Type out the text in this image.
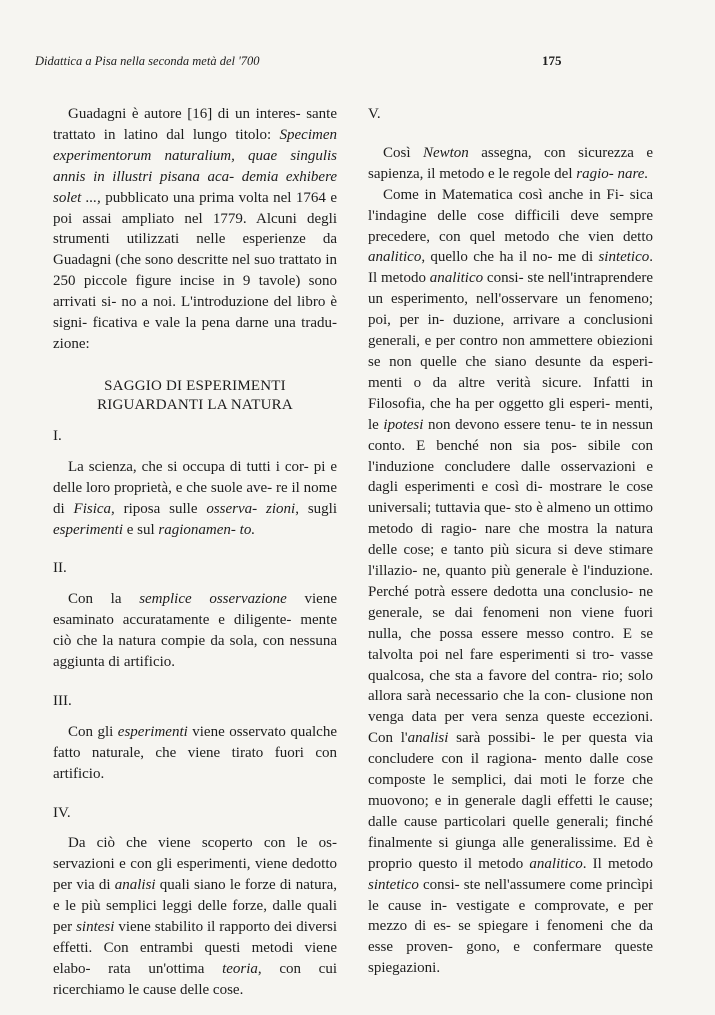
Didattica a Pisa nella seconda metà del '700	175

Guadagni è autore [16] di un interes- sante trattato in latino dal lungo titolo: Specimen experimentorum naturalium, quae singulis annis in illustri pisana aca- demia exhibere solet ..., pubblicato una prima volta nel 1764 e poi assai ampliato nel 1779. Alcuni degli strumenti utilizzati nelle esperienze da Guadagni (che sono descritte nel suo trattato in 250 piccole figure incise in 9 tavole) sono arrivati si- no a noi. L'introduzione del libro è signi- ficativa e vale la pena darne una tradu- zione:

SAGGIO DI ESPERIMENTI
RIGUARDANTI LA NATURA

I.

La scienza, che si occupa di tutti i cor- pi e delle loro proprietà, e che suole ave- re il nome di Fisica, riposa sulle osserva- zioni, sugli esperimenti e sul ragionamen- to.

II.

Con la semplice osservazione viene esaminato accuratamente e diligente- mente ciò che la natura compie da sola, con nessuna aggiunta di artificio.

III.

Con gli esperimenti viene osservato qualche fatto naturale, che viene tirato fuori con artificio.

IV.

Da ciò che viene scoperto con le os- servazioni e con gli esperimenti, viene dedotto per via di analisi quali siano le forze di natura, e le più semplici leggi delle forze, dalle quali per sintesi viene stabilito il rapporto dei diversi effetti. Con entrambi questi metodi viene elabo- rata un'ottima teoria, con cui ricerchiamo le cause delle cose.

V.

Così Newton assegna, con sicurezza e sapienza, il metodo e le regole del ragio- nare.

Come in Matematica così anche in Fi- sica l'indagine delle cose difficili deve sempre precedere, con quel metodo che vien detto analitico, quello che ha il no- me di sintetico. Il metodo analitico consi- ste nell'intraprendere un esperimento, nell'osservare un fenomeno; poi, per in- duzione, arrivare a conclusioni generali, e per contro non ammettere obiezioni se non quelle che siano desunte da esperi- menti o da altre verità sicure. Infatti in Filosofia, che ha per oggetto gli esperi- menti, le ipotesi non devono essere tenu- te in nessun conto. E benché non sia pos- sibile con l'induzione concludere dalle osservazioni e dagli esperimenti e così di- mostrare le cose universali; tuttavia que- sto è almeno un ottimo metodo di ragio- nare che mostra la natura delle cose; e tanto più sicura si deve stimare l'illazio- ne, quanto più generale è l'induzione. Perché potrà essere dedotta una conclusio- ne generale, se dai fenomeni non viene fuori nulla, che possa essere messo contro. E se talvolta poi nel fare esperimenti si tro- vasse qualcosa, che sta a favore del contra- rio; solo allora sarà necessario che la con- clusione non venga data per vera senza queste eccezioni. Con l'analisi sarà possibi- le per questa via concludere con il ragiona- mento dalle cose composte le semplici, dai moti le forze che muovono; e in generale dagli effetti le cause; dalle cause particolari quelle generali; finché finalmente si giunga alle generalissime. Ed è proprio questo il metodo analitico. Il metodo sintetico consi- ste nell'assumere come princìpi le cause in- vestigate e comprovate, e per mezzo di es- se spiegare i fenomeni che da esse proven- gono, e confermare queste spiegazioni.
